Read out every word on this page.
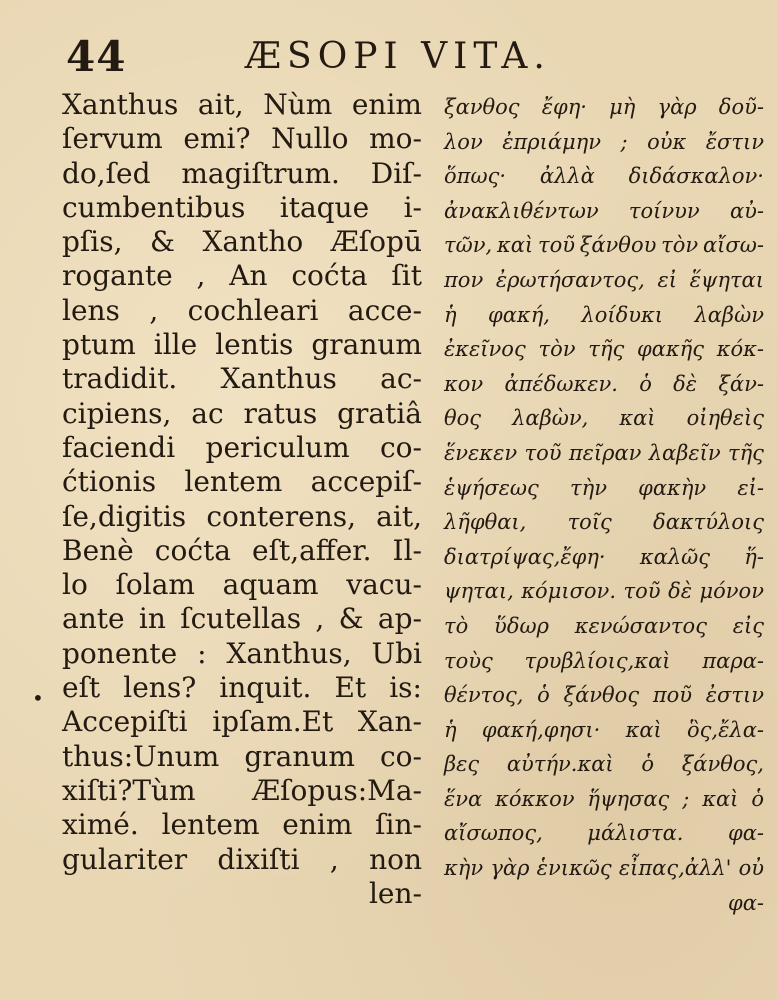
44	ÆSOPI VITA.
•
Xanthus ait, Nùm enim
ſervum emi? Nullo mo-
do,ſed magiſtrum. Diſ-
cumbentibus itaque i-
pſis, & Xantho Æſopū
rogante , An coćta ſit
lens , cochleari acce-
ptum ille lentis granum
tradidit. Xanthus ac-
cipiens, ac ratus gratiâ
faciendi periculum co-
ćtionis lentem accepiſ-
ſe,digitis conterens, ait,
Benè coćta eſt,affer. Il-
lo ſolam aquam vacu-
ante in ſcutellas , & ap-
ponente : Xanthus, Ubi
eſt lens? inquit. Et is:
Accepiſti ipſam.Et Xan-
thus:Unum granum co-
xiſti?Tùm Æſopus:Ma-
ximé. lentem enim ſin-
gulariter dixiſti , non
len-
ξανθος ἔφη· μὴ γὰρ δοῦ-
λον ἐπριάμην ; οὐκ ἔστιν
ὅπως· ἀλλὰ διδάσκαλον·
ἀνακλιθέντων τοίνυν αὐ-
τῶν, καὶ τοῦ ξάνθου τὸν αἴσω-
πον ἐρωτήσαντος, εἰ ἕψηται
ἡ φακή, λοίδυκι λαβὼν
ἐκεῖνος τὸν τῆς φακῆς κόκ-
κον ἀπέδωκεν. ὁ δὲ ξάν-
θος λαβὼν, καὶ οἰηθεὶς
ἕνεκεν τοῦ πεῖραν λαβεῖν τῆς
ἑψήσεως τὴν φακὴν εἰ-
λῆφθαι, τοῖς δακτύλοις
διατρίψας,ἔφη· καλῶς ἥ-
ψηται, κόμισον. τοῦ δὲ μόνον
τὸ ὕδωρ κενώσαντος εἰς
τοὺς τρυβλίοις,καὶ παρα-
θέντος, ὁ ξάνθος ποῦ ἐστιν
ἡ φακή,φησι· καὶ ὃς,ἔλα-
βες αὐτήν.καὶ ὁ ξάνθος,
ἕνα κόκκον ἥψησας ; καὶ ὁ
αἴσωπος, μάλιστα. φα-
κὴν γὰρ ἑνικῶς εἶπας,ἀλλ' οὐ
φα-
